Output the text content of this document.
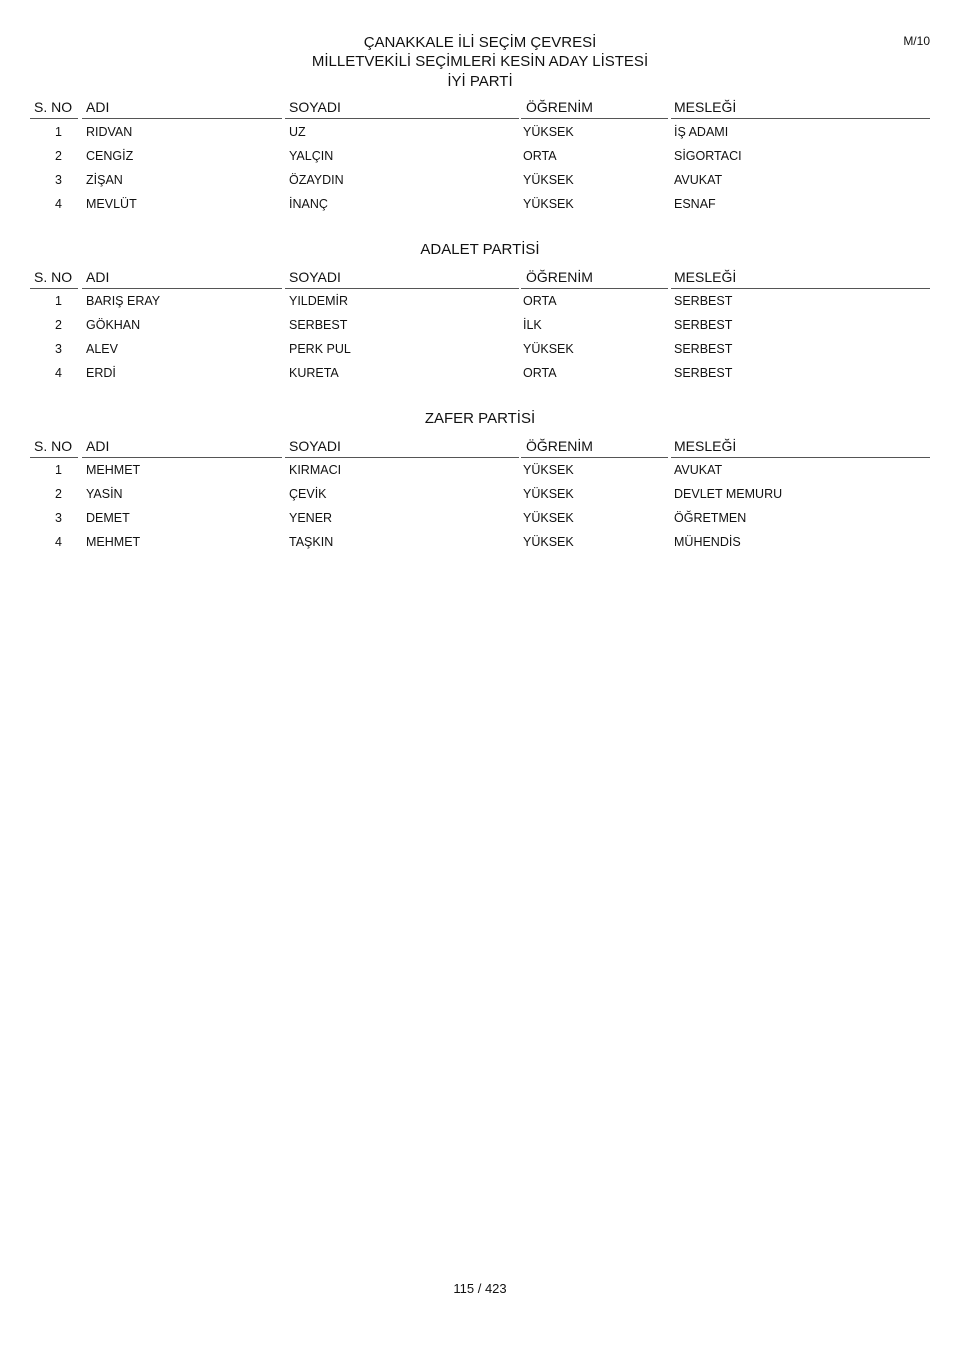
M/10
ÇANAKKALE İLİ SEÇİM ÇEVRESİ
MİLLETVEKİLİ SEÇİMLERİ KESİN ADAY LİSTESİ
İYİ PARTİ
S. NO ADI	SOYADI	ÖĞRENİM	MESLEĞİ
1 RIDVAN	UZ	YÜKSEK	İŞ ADAMI
2 CENGİZ	YALÇIN	ORTA	SİGORTACI
3 ZİŞAN	ÖZAYDIN	YÜKSEK	AVUKAT
4 MEVLÜT	İNANÇ	YÜKSEK	ESNAF
ADALET PARTİSİ
S. NO ADI	SOYADI	ÖĞRENİM	MESLEĞİ
1 BARIŞ ERAY	YILDEMİR	ORTA	SERBEST
2 GÖKHAN	SERBEST	İLK	SERBEST
3 ALEV	PERK PUL	YÜKSEK	SERBEST
4 ERDİ	KURETA	ORTA	SERBEST
ZAFER PARTİSİ
S. NO ADI	SOYADI	ÖĞRENİM	MESLEĞİ
1 MEHMET	KIRMACI	YÜKSEK	AVUKAT
2 YASİN	ÇEVİK	YÜKSEK	DEVLET MEMURU
3 DEMET	YENER	YÜKSEK	ÖĞRETMEN
4 MEHMET	TAŞKIN	YÜKSEK	MÜHENDİS
115 / 423
